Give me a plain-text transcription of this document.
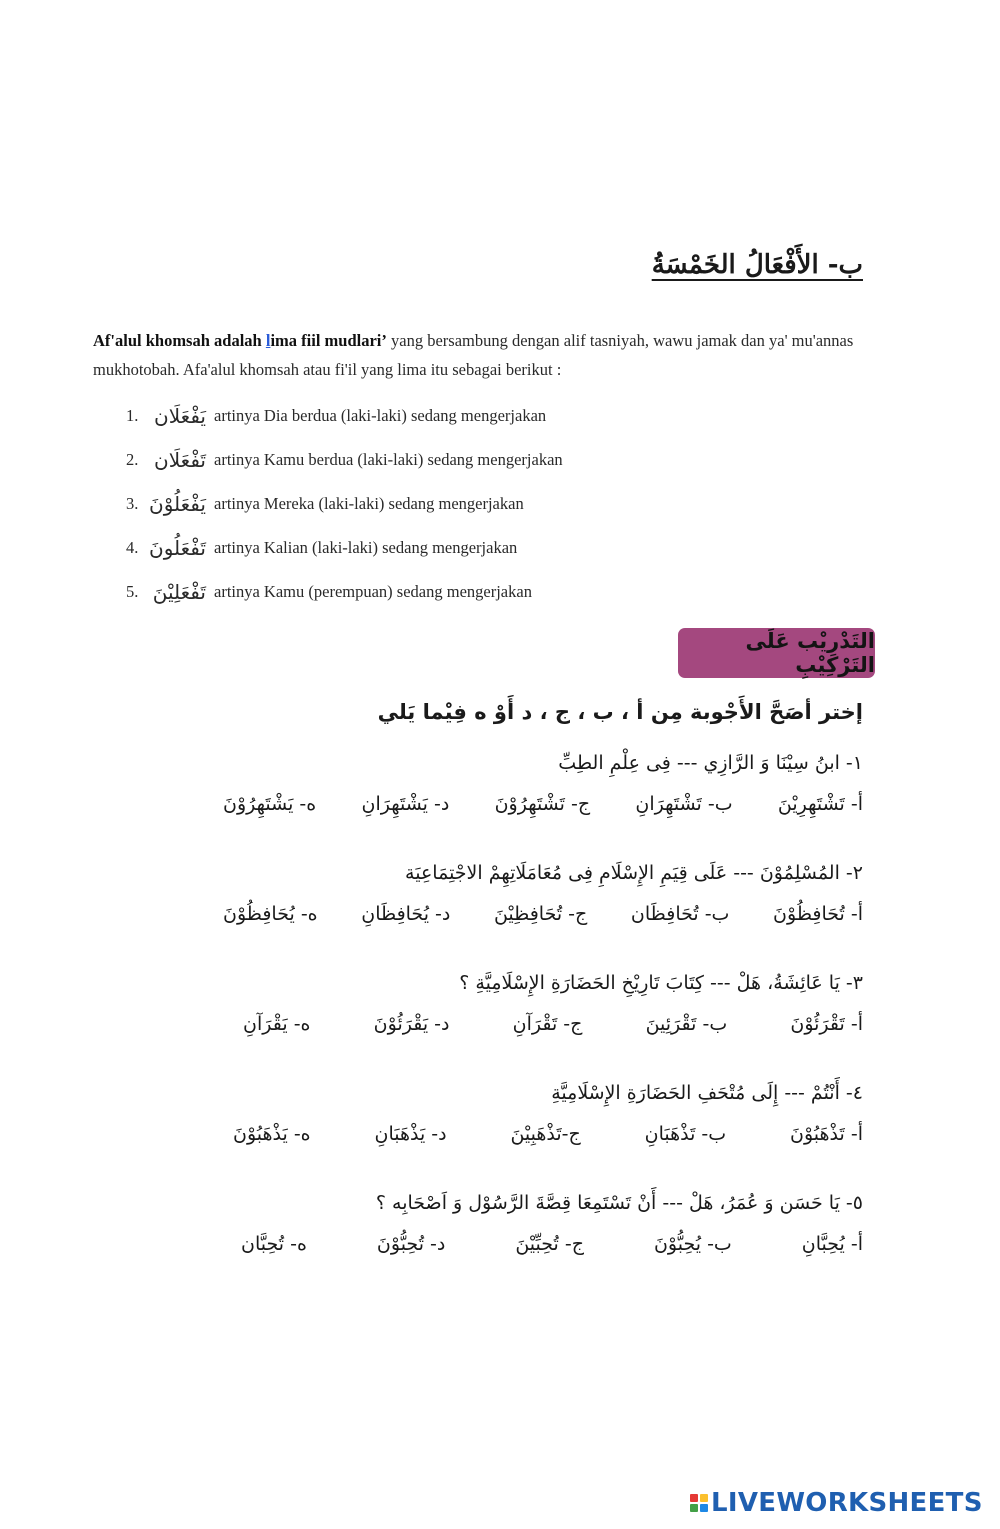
ب- الأَفْعَالُ الخَمْسَةُ
Af'alul khomsah adalah lima fiil mudlari’ yang bersambung dengan alif tasniyah, wawu jamak dan ya' mu'annas mukhotobah. Afa'alul khomsah atau fi'il yang lima itu sebagai berikut :
1. يَفْعَلَان artinya Dia berdua (laki-laki) sedang mengerjakan
2. تَفْعَلَان artinya Kamu berdua (laki-laki) sedang mengerjakan
3. يَفْعَلُوْنَ artinya Mereka (laki-laki) sedang mengerjakan
4. تَفْعَلُونَ artinya Kalian (laki-laki) sedang mengerjakan
5. تَفْعَلِيْنَ artinya Kamu (perempuan) sedang mengerjakan
التَدْرِيْب عَلَى التَرْكِيْبِ
إختر أصَحَّ الأَجْوبة مِن أ ، ب ، ج ، د أَوْ ه فِيْما يَلي
١- ابنُ سِيْنَا وَ الرَّازِي --- فِى عِلْمِ الطِبِّ
أ- تَشْتَهِرِيْنَ
ب- تَشْتَهِرَانِ
ج- تَشْتَهِرُوْنَ
د- يَشْتَهِرَانِ
ه- يَشْتَهِرُوْنَ
٢- المُسْلِمُوْنَ --- عَلَى قِيَمِ الإِسْلَامِ فِى مُعَامَلَاتِهِمْ الاجْتِمَاعِيَة
أ- تُحَافِظُوْنَ
ب- تُحَافِظَان
ج- تُحَافِظِيْنَ
د- يُحَافِظَانِ
ه- يُحَافِظُوْنَ
٣- يَا عَائِشَةُ، هَلْ --- كِتَابَ تَارِيْخِ الحَضَارَةِ الإِسْلَامِيَّةِ ؟
أ- تَقْرَئُوْنَ
ب- تَقْرَئِينَ
ج- تَقْرَآنِ
د- يَقْرَئُوْنَ
ه- يَقْرَآنِ
٤- أَنْتُمْ --- إِلَى مُتْحَفِ الحَضَارَةِ الإِسْلَامِيَّةِ
أ- تَذْهَبُوْنَ
ب- تَذْهَبَانِ
ج-تَذْهَبِيْنَ
د- يَذْهَبَانِ
ه- يَذْهَبُوْنَ
٥- يَا حَسَن وَ عُمَرُ، هَلْ --- أَنْ تَسْتَمِعَا قِصَّةَ الرَّسُوْل وَ اَصْحَابِه ؟
أ- يُحِبَّانِ
ب- يُحِبُّوْنَ
ج- تُحِبِّيْنَ
د- تُحِبُّوْنَ
ه- تُحِبَّان
LIVEWORKSHEETS
